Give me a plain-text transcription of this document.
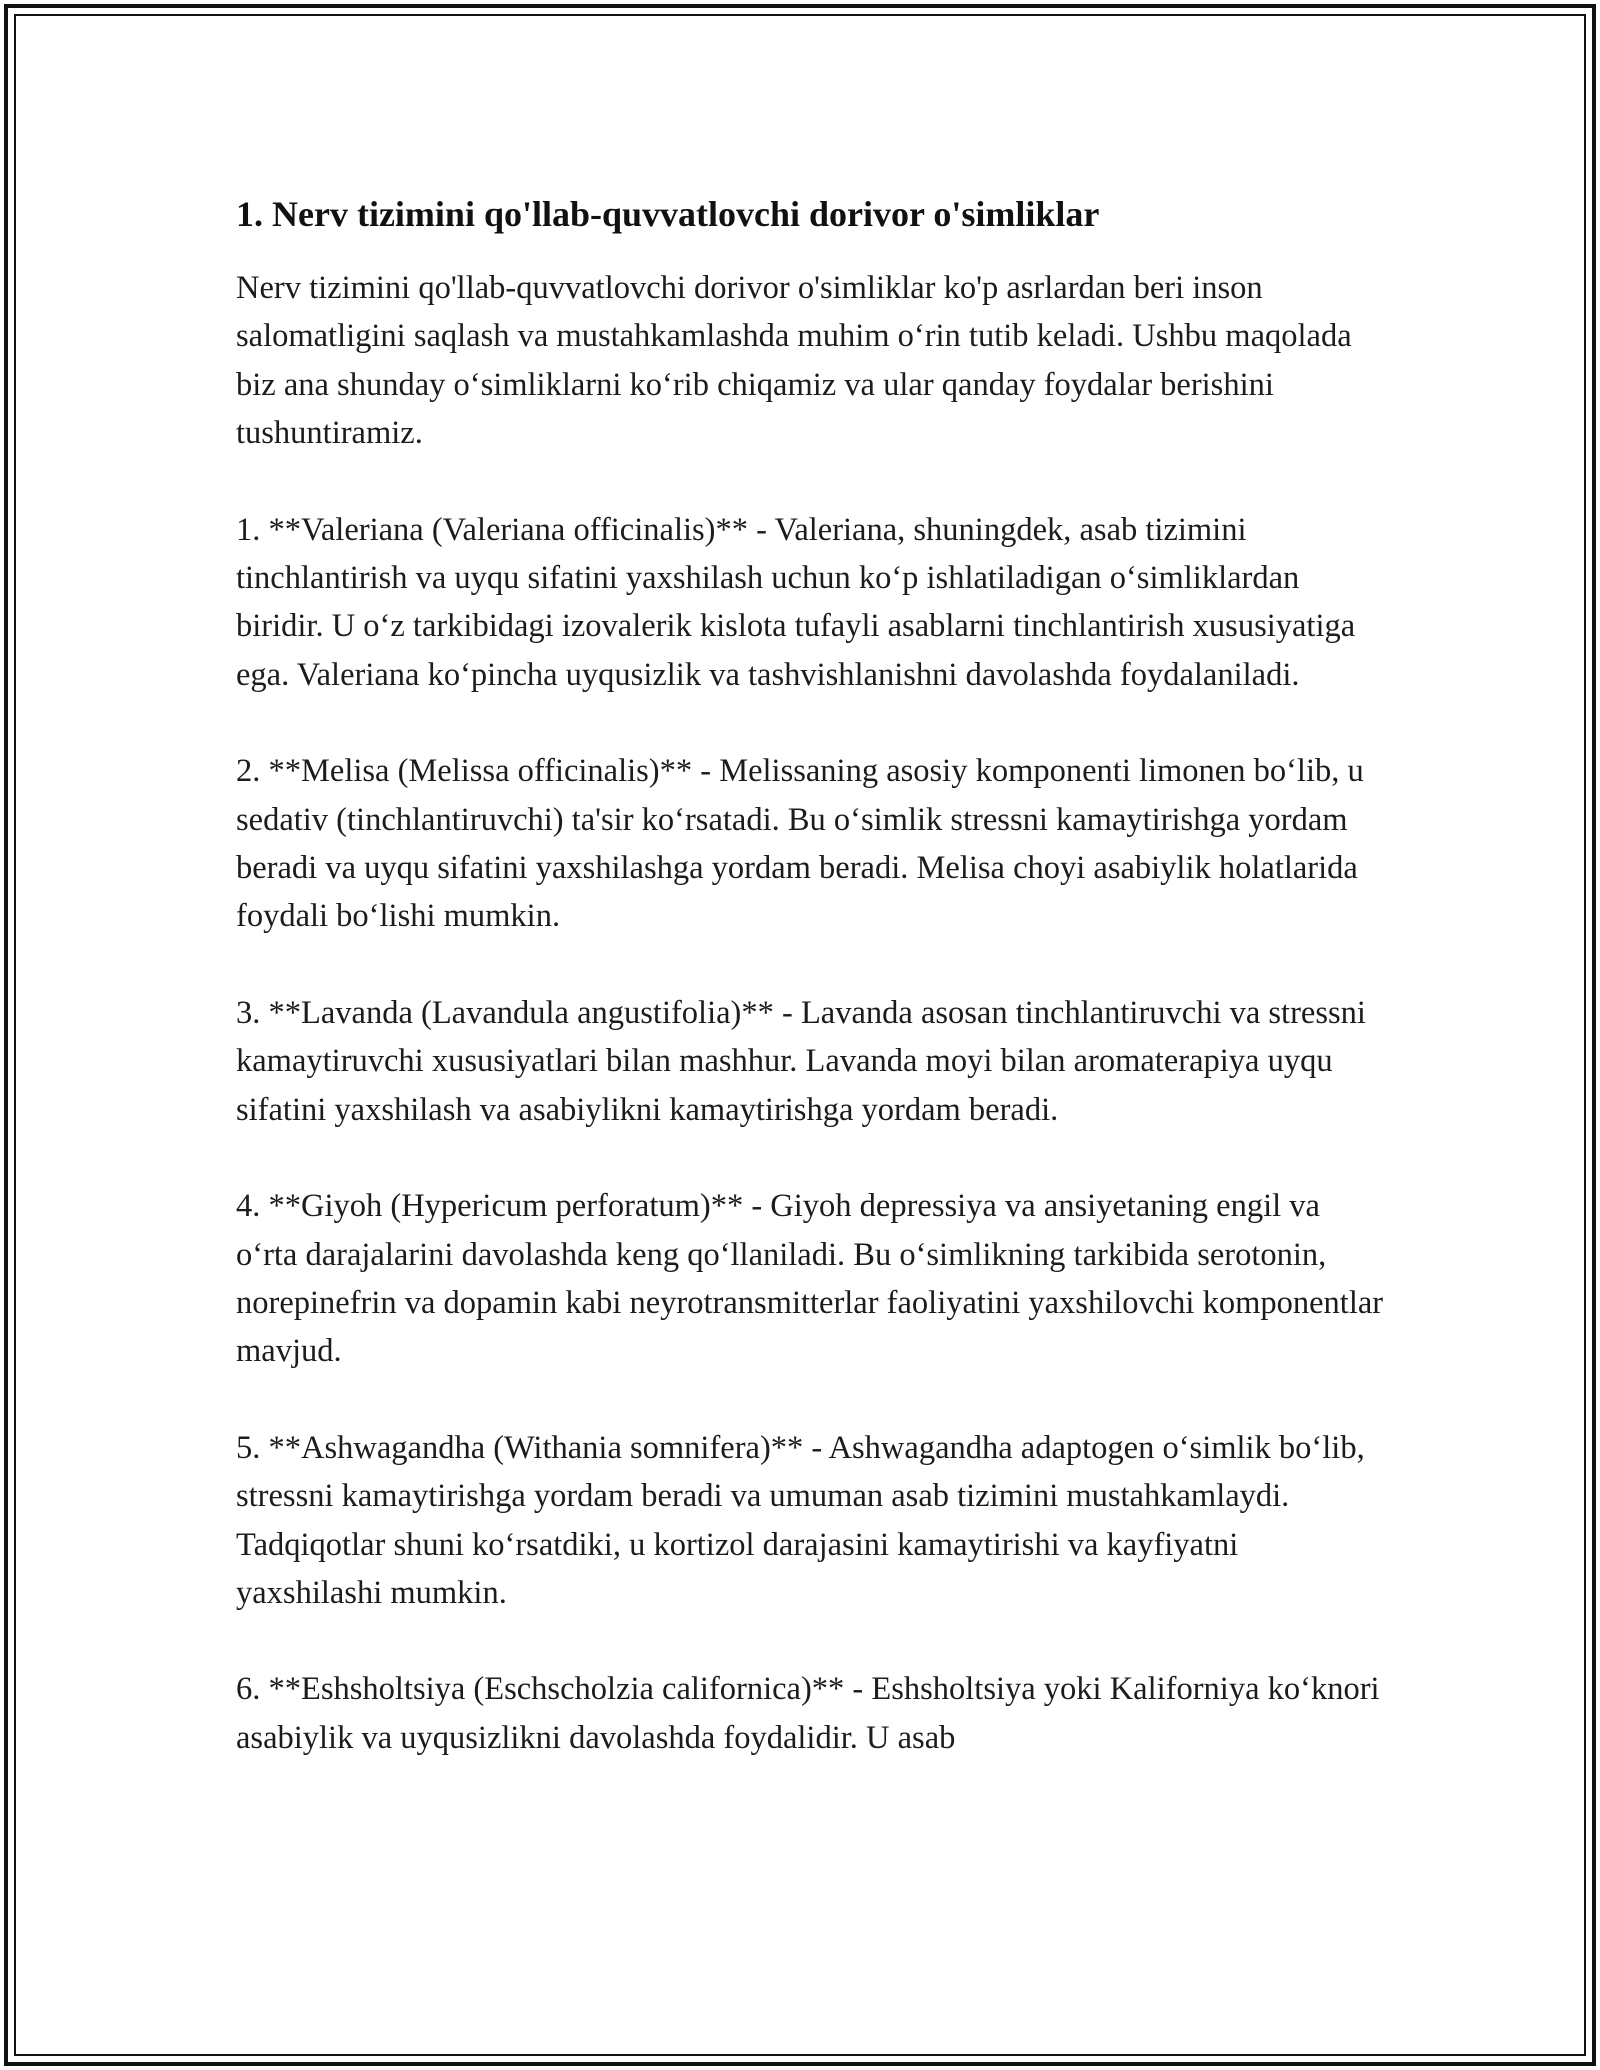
1. Nerv tizimini qo'llab-quvvatlovchi dorivor o'simliklar

Nerv tizimini qo'llab-quvvatlovchi dorivor o'simliklar ko'p asrlardan beri inson salomatligini saqlash va mustahkamlashda muhim o‘rin tutib keladi. Ushbu maqolada biz ana shunday o‘simliklarni ko‘rib chiqamiz va ular qanday foydalar berishini tushuntiramiz.

1. **Valeriana (Valeriana officinalis)** - Valeriana, shuningdek, asab tizimini tinchlantirish va uyqu sifatini yaxshilash uchun ko‘p ishlatiladigan o‘simliklardan biridir. U o‘z tarkibidagi izovalerik kislota tufayli asablarni tinchlantirish xususiyatiga ega. Valeriana ko‘pincha uyqusizlik va tashvishlanishni davolashda foydalaniladi.

2. **Melisa (Melissa officinalis)** - Melissaning asosiy komponenti limonen bo‘lib, u sedativ (tinchlantiruvchi) ta'sir ko‘rsatadi. Bu o‘simlik stressni kamaytirishga yordam beradi va uyqu sifatini yaxshilashga yordam beradi. Melisa choyi asabiylik holatlarida foydali bo‘lishi mumkin.

3. **Lavanda (Lavandula angustifolia)** - Lavanda asosan tinchlantiruvchi va stressni kamaytiruvchi xususiyatlari bilan mashhur. Lavanda moyi bilan aromaterapiya uyqu sifatini yaxshilash va asabiylikni kamaytirishga yordam beradi.

4. **Giyoh (Hypericum perforatum)** - Giyoh depressiya va ansiyetaning engil va o‘rta darajalarini davolashda keng qo‘llaniladi. Bu o‘simlikning tarkibida serotonin, norepinefrin va dopamin kabi neyrotransmitterlar faoliyatini yaxshilovchi komponentlar mavjud.

5. **Ashwagandha (Withania somnifera)** - Ashwagandha adaptogen o‘simlik bo‘lib, stressni kamaytirishga yordam beradi va umuman asab tizimini mustahkamlaydi. Tadqiqotlar shuni ko‘rsatdiki, u kortizol darajasini kamaytirishi va kayfiyatni yaxshilashi mumkin.

6. **Eshsholtsiya (Eschscholzia californica)** - Eshsholtsiya yoki Kaliforniya ko‘knori asabiylik va uyqusizlikni davolashda foydalidir. U asab
